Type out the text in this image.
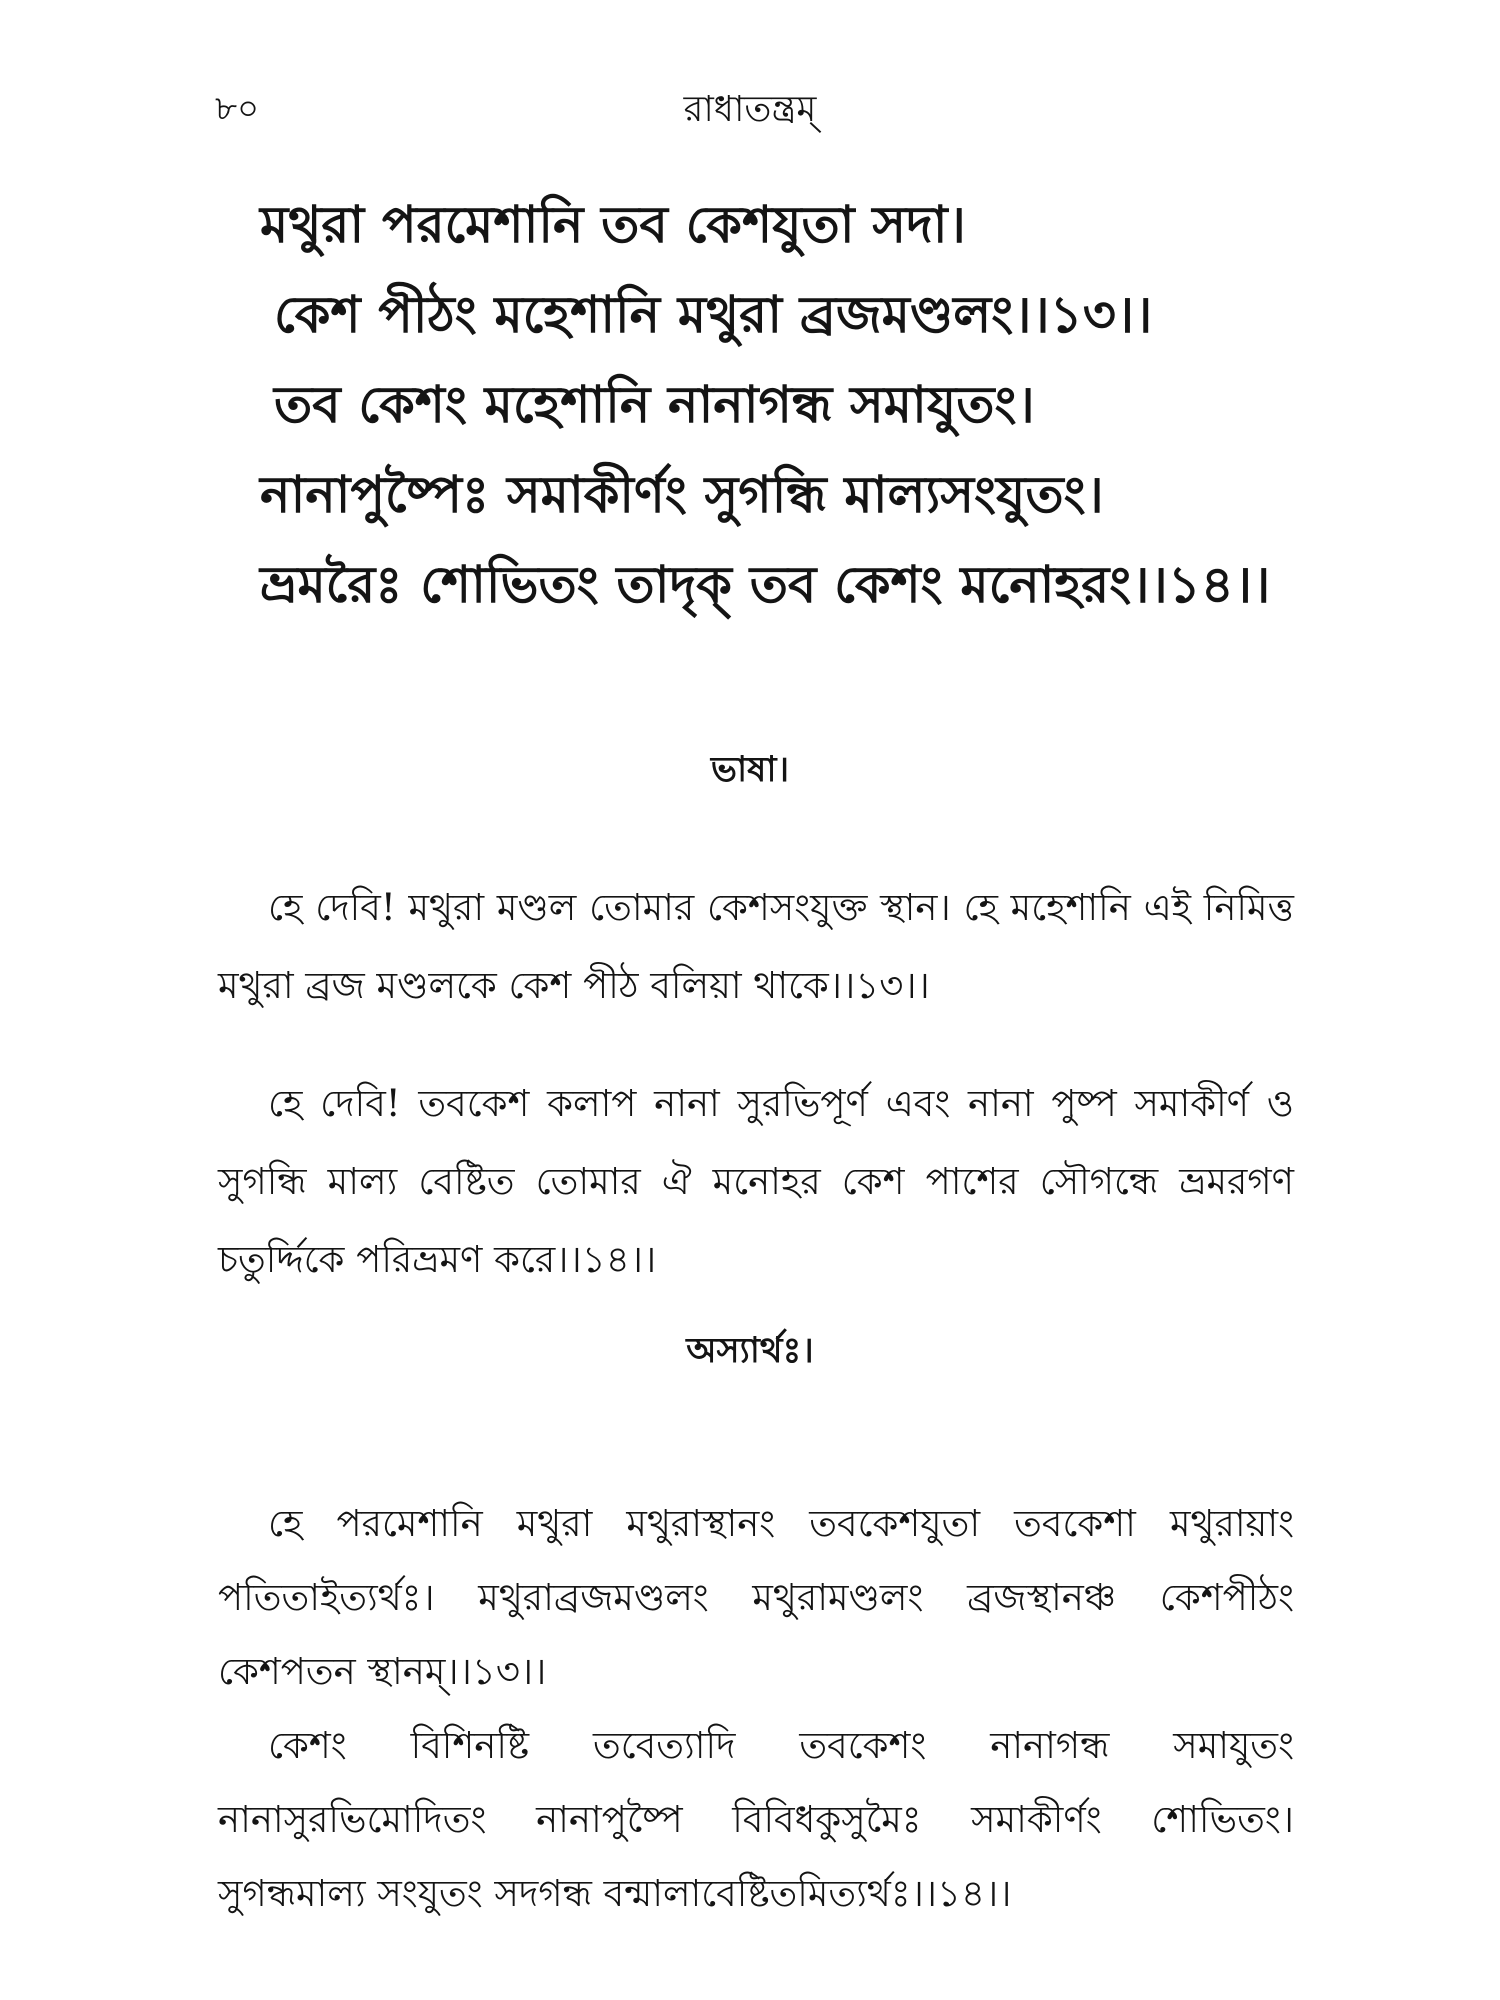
৮০	রাধাতন্ত্রম্
মথুরা পরমেশানি তব কেশযুতা সদা।
কেশ পীঠং মহেশানি মথুরা ব্রজমণ্ডলং।।১৩।।
তব কেশং মহেশানি নানাগন্ধ সমাযুতং।
নানাপুষ্পৈঃ সমাকীর্ণং সুগন্ধি মাল্যসংযুতং।
ভ্রমরৈঃ শোভিতং তাদৃক্ তব কেশং মনোহরং।।১৪।।
ভাষা।

হে দেবি! মথুরা মণ্ডল তোমার কেশসংযুক্ত স্থান। হে মহেশানি এই নিমিত্ত মথুরা ব্রজ মণ্ডলকে কেশ পীঠ বলিয়া থাকে।।১৩।।

হে দেবি! তবকেশ কলাপ নানা সুরভিপূর্ণ এবং নানা পুষ্প সমাকীর্ণ ও সুগন্ধি মাল্য বেষ্টিত তোমার ঐ মনোহর কেশ পাশের সৌগন্ধে ভ্রমরগণ চতুর্দ্দিকে পরিভ্রমণ করে।।১৪।।

অস্যার্থঃ।

হে পরমেশানি মথুরা মথুরাস্থানং তবকেশযুতা তবকেশা মথুরায়াং পতিতাইত্যর্থঃ। মথুরাব্রজমণ্ডলং মথুরামণ্ডলং ব্রজস্থানঞ্চ কেশপীঠং কেশপতন স্থানম্।।১৩।।

কেশং বিশিনষ্টি তবেত্যাদি তবকেশং নানাগন্ধ সমাযুতং নানাসুরভিমোদিতং নানাপুষ্পৈ বিবিধকুসুমৈঃ সমাকীর্ণং শোভিতং। সুগন্ধমাল্য সংযুতং সদগন্ধ বন্মালাবেষ্টিতমিত্যর্থঃ।।১৪।।
